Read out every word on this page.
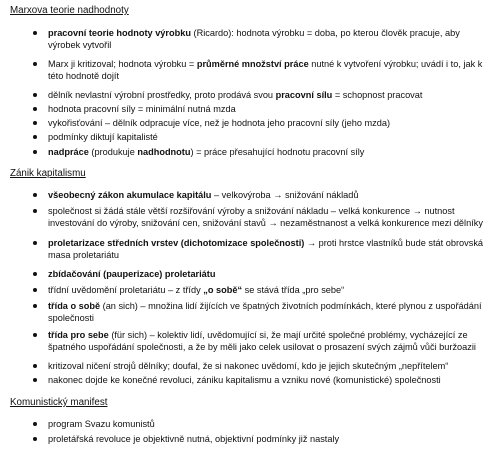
Marxova teorie nadhodnoty
pracovní teorie hodnoty výrobku (Ricardo): hodnota výrobku = doba, po kterou člověk pracuje, aby výrobek vytvořil
Marx ji kritizoval; hodnota výrobku = průměrné množství práce nutné k vytvoření výrobku; uvádí i to, jak k této hodnotě dojít
dělník nevlastní výrobní prostředky, proto prodává svou pracovní sílu = schopnost pracovat
hodnota pracovní síly = minimální nutná mzda
vykořisťování – dělník odpracuje více, než je hodnota jeho pracovní síly (jeho mzda)
podmínky diktují kapitalisté
nadpráce (produkuje nadhodnotu) = práce přesahující hodnotu pracovní síly
Zánik kapitalismu
všeobecný zákon akumulace kapitálu – velkovýroba → snižování nákladů
společnost si žádá stále větší rozšiřování výroby a snižování nákladu – velká konkurence → nutnost investování do výroby, snižování cen, snižování stavů → nezaměstnanost a velká konkurence mezi dělníky
proletarizace středních vrstev (dichotomizace společnosti) → proti hrstce vlastníků bude stát obrovská masa proletariátu
zbídačování (pauperizace) proletariátu
třídní uvědomění proletariátu – z třídy „o sobě“ se stává třída „pro sebe“
třída o sobě (an sich) – množina lidí žijících ve špatných životních podmínkách, které plynou z uspořádání společnosti
třída pro sebe (für sich) – kolektiv lidí, uvědomující si, že mají určité společné problémy, vycházející ze špatného uspořádání společnosti, a že by měli jako celek usilovat o prosazení svých zájmů vůči buržoazii
kritizoval ničení strojů dělníky; doufal, že si nakonec uvědomí, kdo je jejich skutečným „nepřítelem“
nakonec dojde ke konečné revoluci, zániku kapitalismu a vzniku nové (komunistické) společnosti
Komunistický manifest
program Svazu komunistů
proletářská revoluce je objektivně nutná, objektivní podmínky již nastaly
